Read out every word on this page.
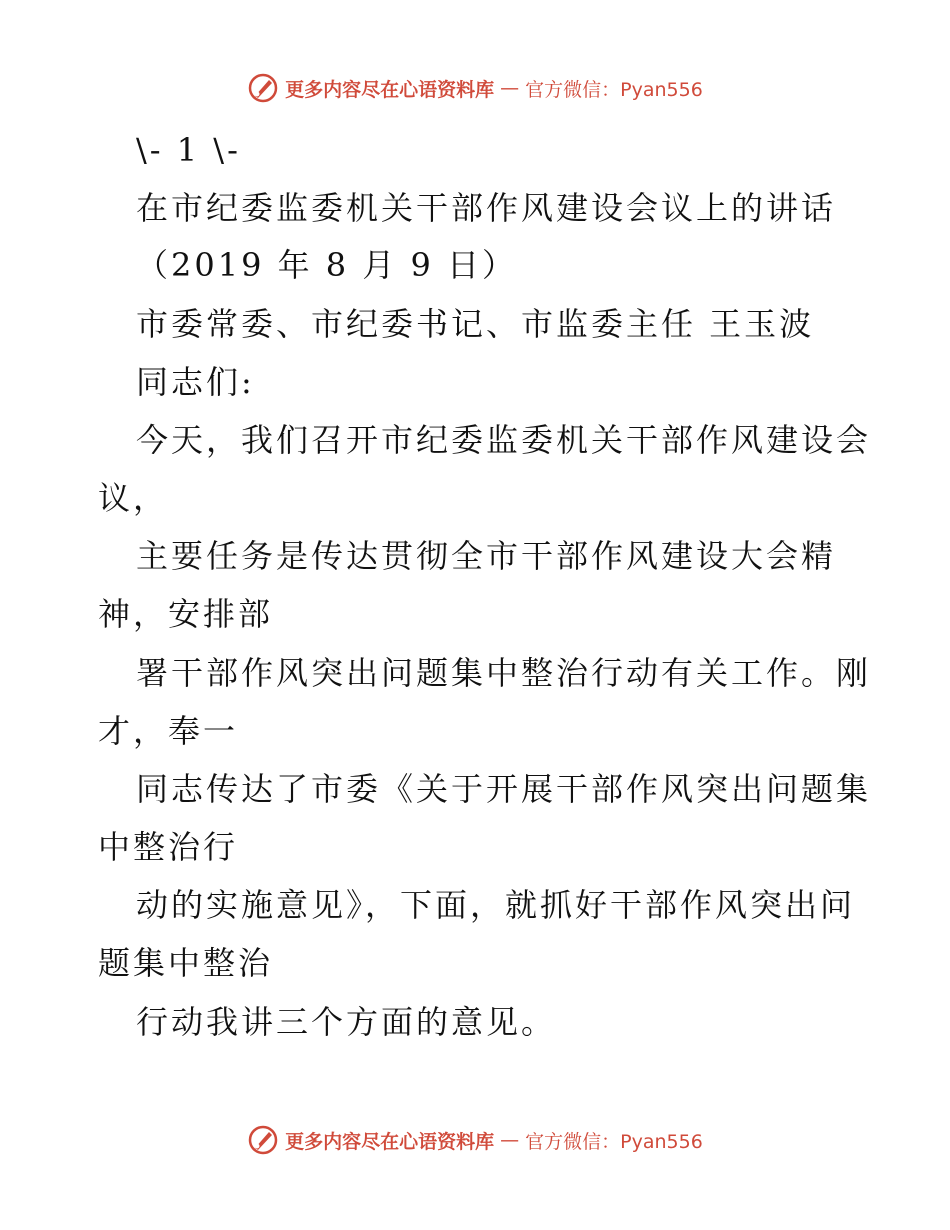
更多内容尽在心语资料库 — 官方微信：Pyan556
\- 1 \-
在市纪委监委机关干部作风建设会议上的讲话
（2019 年 8 月 9 日）
市委常委、市纪委书记、市监委主任 王玉波
同志们:
今天，我们召开市纪委监委机关干部作风建设会
议，
主要任务是传达贯彻全市干部作风建设大会精
神，安排部
署干部作风突出问题集中整治行动有关工作。刚
才，奉一
同志传达了市委《关于开展干部作风突出问题集
中整治行
动的实施意见》，下面，就抓好干部作风突出问
题集中整治
行动我讲三个方面的意见。
更多内容尽在心语资料库 — 官方微信：Pyan556
